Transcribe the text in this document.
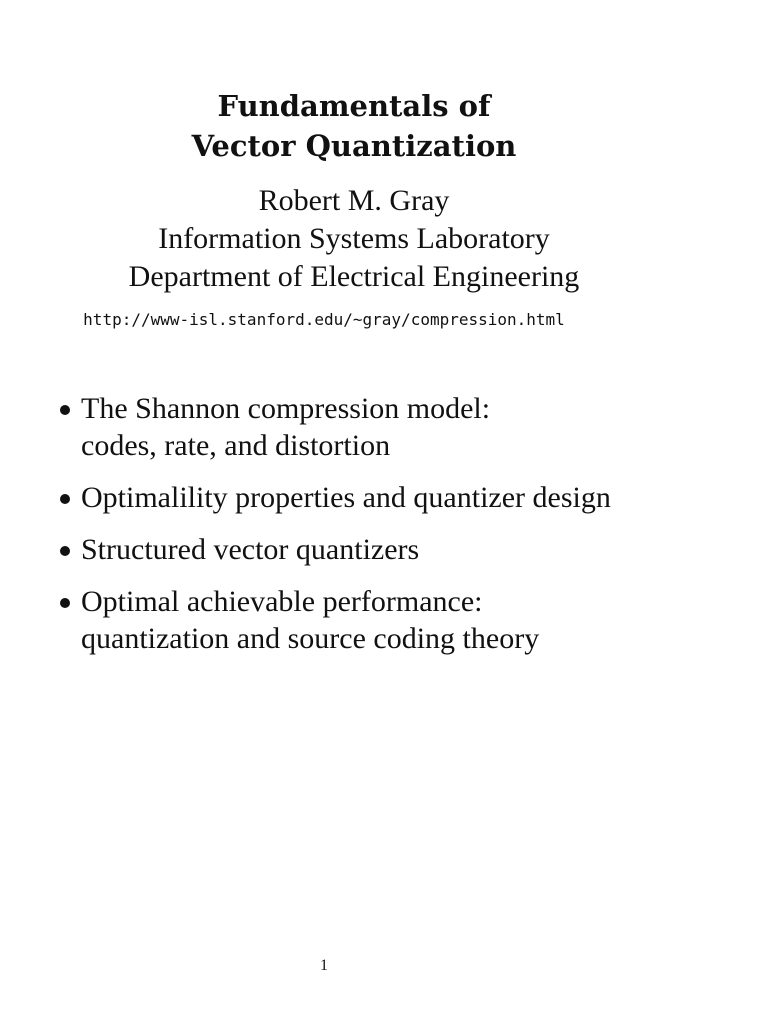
Fundamentals of
Vector Quantization
Robert M. Gray
Information Systems Laboratory
Department of Electrical Engineering
http://www-isl.stanford.edu/~gray/compression.html
The Shannon compression model:
codes, rate, and distortion
Optimalility properties and quantizer design
Structured vector quantizers
Optimal achievable performance:
quantization and source coding theory
1
